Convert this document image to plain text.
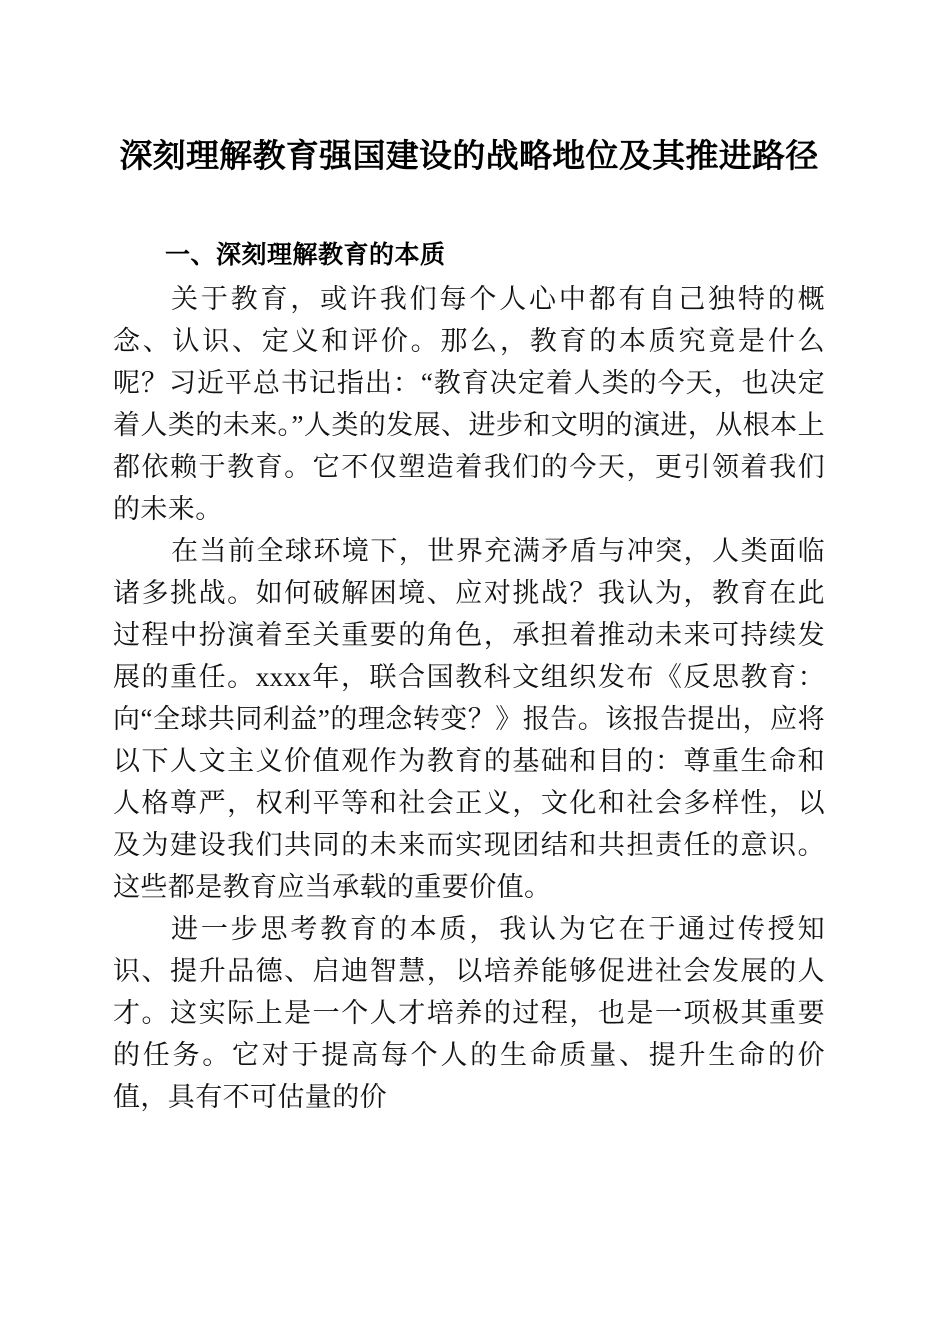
深刻理解教育强国建设的战略地位及其推进路径
一、深刻理解教育的本质

关于教育，或许我们每个人心中都有自己独特的概念、认识、定义和评价。那么，教育的本质究竟是什么呢？习近平总书记指出：“教育决定着人类的今天，也决定着人类的未来。”人类的发展、进步和文明的演进，从根本上都依赖于教育。它不仅塑造着我们的今天，更引领着我们的未来。

在当前全球环境下，世界充满矛盾与冲突，人类面临诸多挑战。如何破解困境、应对挑战？我认为，教育在此过程中扮演着至关重要的角色，承担着推动未来可持续发展的重任。xxxx年，联合国教科文组织发布《反思教育：向“全球共同利益”的理念转变？》报告。该报告提出，应将以下人文主义价值观作为教育的基础和目的：尊重生命和人格尊严，权利平等和社会正义，文化和社会多样性，以及为建设我们共同的未来而实现团结和共担责任的意识。这些都是教育应当承载的重要价值。

进一步思考教育的本质，我认为它在于通过传授知识、提升品德、启迪智慧，以培养能够促进社会发展的人才。这实际上是一个人才培养的过程，也是一项极其重要的任务。它对于提高每个人的生命质量、提升生命的价值，具有不可估量的价
